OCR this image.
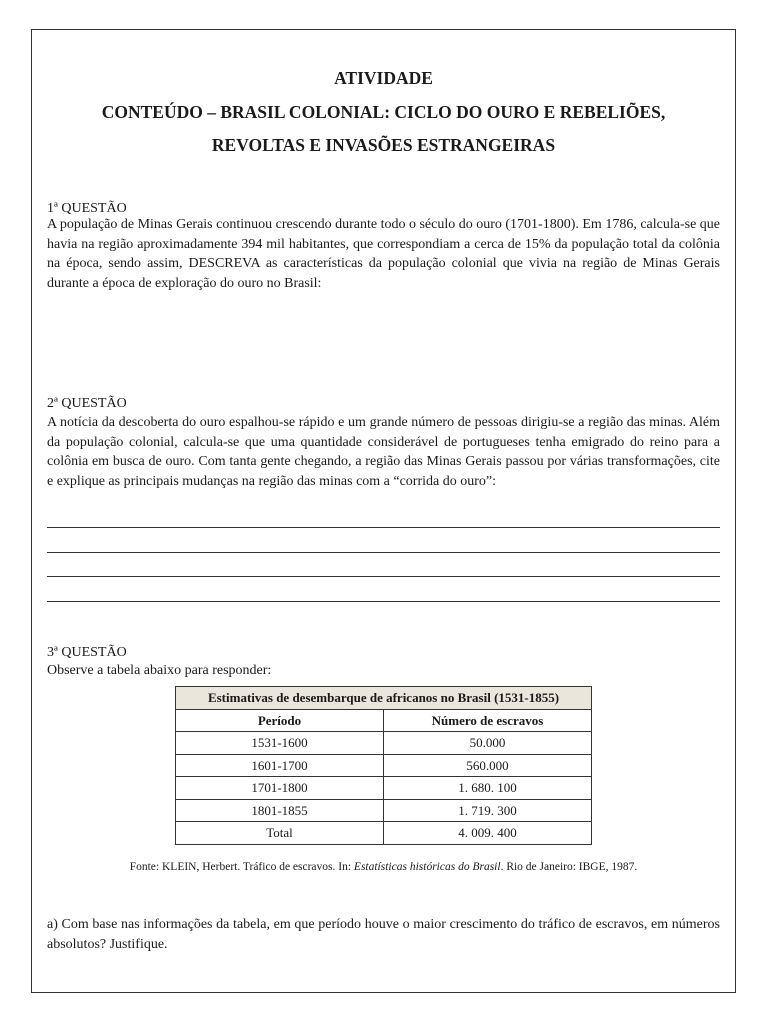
ATIVIDADE
CONTEÚDO – BRASIL COLONIAL: CICLO DO OURO E REBELIÕES,
REVOLTAS E INVASÕES ESTRANGEIRAS
1ª QUESTÃO
A população de Minas Gerais continuou crescendo durante todo o século do ouro (1701-1800). Em 1786, calcula-se que havia na região aproximadamente 394 mil habitantes, que correspondiam a cerca de 15% da população total da colônia na época, sendo assim, DESCREVA as características da população colonial que vivia na região de Minas Gerais durante a época de exploração do ouro no Brasil:
2ª QUESTÃO
A notícia da descoberta do ouro espalhou-se rápido e um grande número de pessoas dirigiu-se a região das minas. Além da população colonial, calcula-se que uma quantidade considerável de portugueses tenha emigrado do reino para a colônia em busca de ouro. Com tanta gente chegando, a região das Minas Gerais passou por várias transformações, cite e explique as principais mudanças na região das minas com a “corrida do ouro”:
3ª QUESTÃO
Observe a tabela abaixo para responder:
Estimativas de desembarque de africanos no Brasil (1531-1855)	
Período	Número de escravos
1531-1600	50.000
1601-1700	560.000
1701-1800	1. 680. 100
1801-1855	1. 719. 300
Total	4. 009. 400
Fonte: KLEIN, Herbert. Tráfico de escravos. In: Estatísticas históricas do Brasil. Rio de Janeiro: IBGE, 1987.
a) Com base nas informações da tabela, em que período houve o maior crescimento do tráfico de escravos, em números absolutos? Justifique.
